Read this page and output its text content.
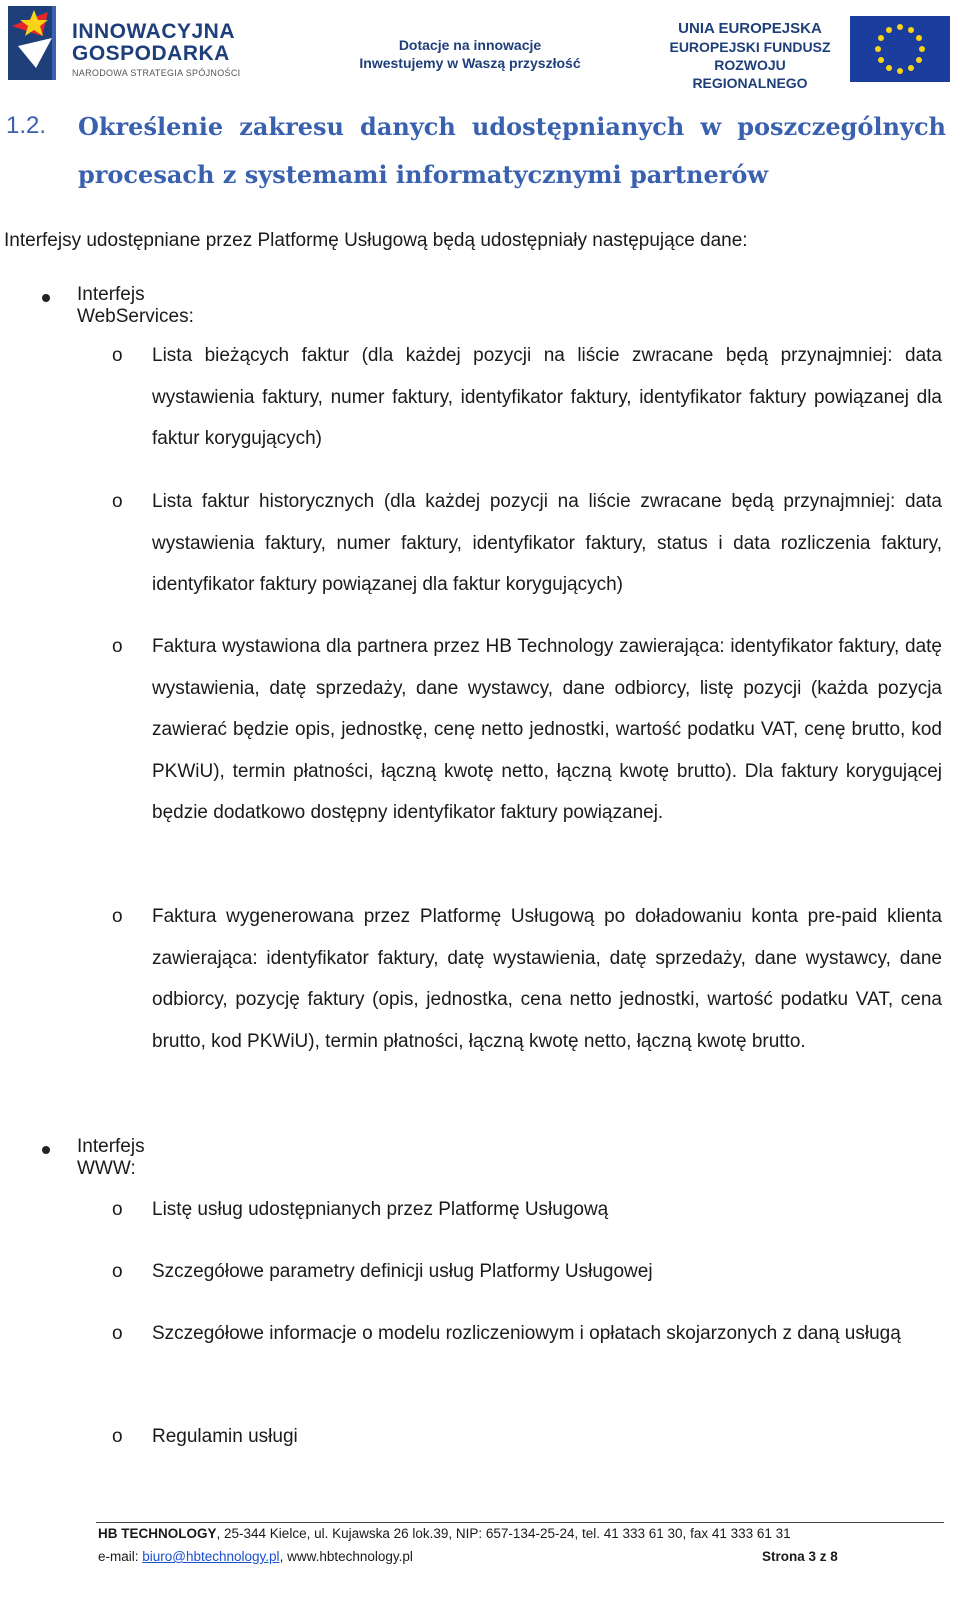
INNOWACYJNA
GOSPODARKA
NARODOWA STRATEGIA SPÓJNOŚCI
Dotacje na innowacje
Inwestujemy w Waszą przyszłość
UNIA EUROPEJSKA
EUROPEJSKI FUNDUSZ
ROZWOJU REGIONALNEGO
1.2. Określenie zakresu danych udostępnianych w poszczególnych
procesach z systemami informatycznymi partnerów
Interfejsy udostępniane przez Platformę Usługową będą udostępniały następujące dane:
Interfejs WebServices:
o Lista bieżących faktur (dla każdej pozycji na liście zwracane będą przynajmniej: data wystawienia faktury, numer faktury, identyfikator faktury, identyfikator faktury powiązanej dla faktur korygujących)
o Lista faktur historycznych (dla każdej pozycji na liście zwracane będą przynajmniej: data wystawienia faktury, numer faktury, identyfikator faktury, status i data rozliczenia faktury, identyfikator faktury powiązanej dla faktur korygujących)
o Faktura wystawiona dla partnera przez HB Technology zawierająca: identyfikator faktury, datę wystawienia, datę sprzedaży, dane wystawcy, dane odbiorcy, listę pozycji (każda pozycja zawierać będzie opis, jednostkę, cenę netto jednostki, wartość podatku VAT, cenę brutto, kod PKWiU), termin płatności, łączną kwotę netto, łączną kwotę brutto). Dla faktury korygującej będzie dodatkowo dostępny identyfikator faktury powiązanej.
o Faktura wygenerowana przez Platformę Usługową po doładowaniu konta pre-paid klienta zawierająca: identyfikator faktury, datę wystawienia, datę sprzedaży, dane wystawcy, dane odbiorcy, pozycję faktury (opis, jednostka, cena netto jednostki, wartość podatku VAT, cena brutto, kod PKWiU), termin płatności, łączną kwotę netto, łączną kwotę brutto.
Interfejs WWW:
o Listę usług udostępnianych przez Platformę Usługową
o Szczegółowe parametry definicji usług Platformy Usługowej
o Szczegółowe informacje o modelu rozliczeniowym i opłatach skojarzonych z daną usługą
o Regulamin usługi
HB TECHNOLOGY, 25-344 Kielce, ul. Kujawska 26 lok.39, NIP: 657-134-25-24, tel. 41 333 61 30, fax 41 333 61 31
e-mail: biuro@hbtechnology.pl, www.hbtechnology.pl	Strona 3 z 8
